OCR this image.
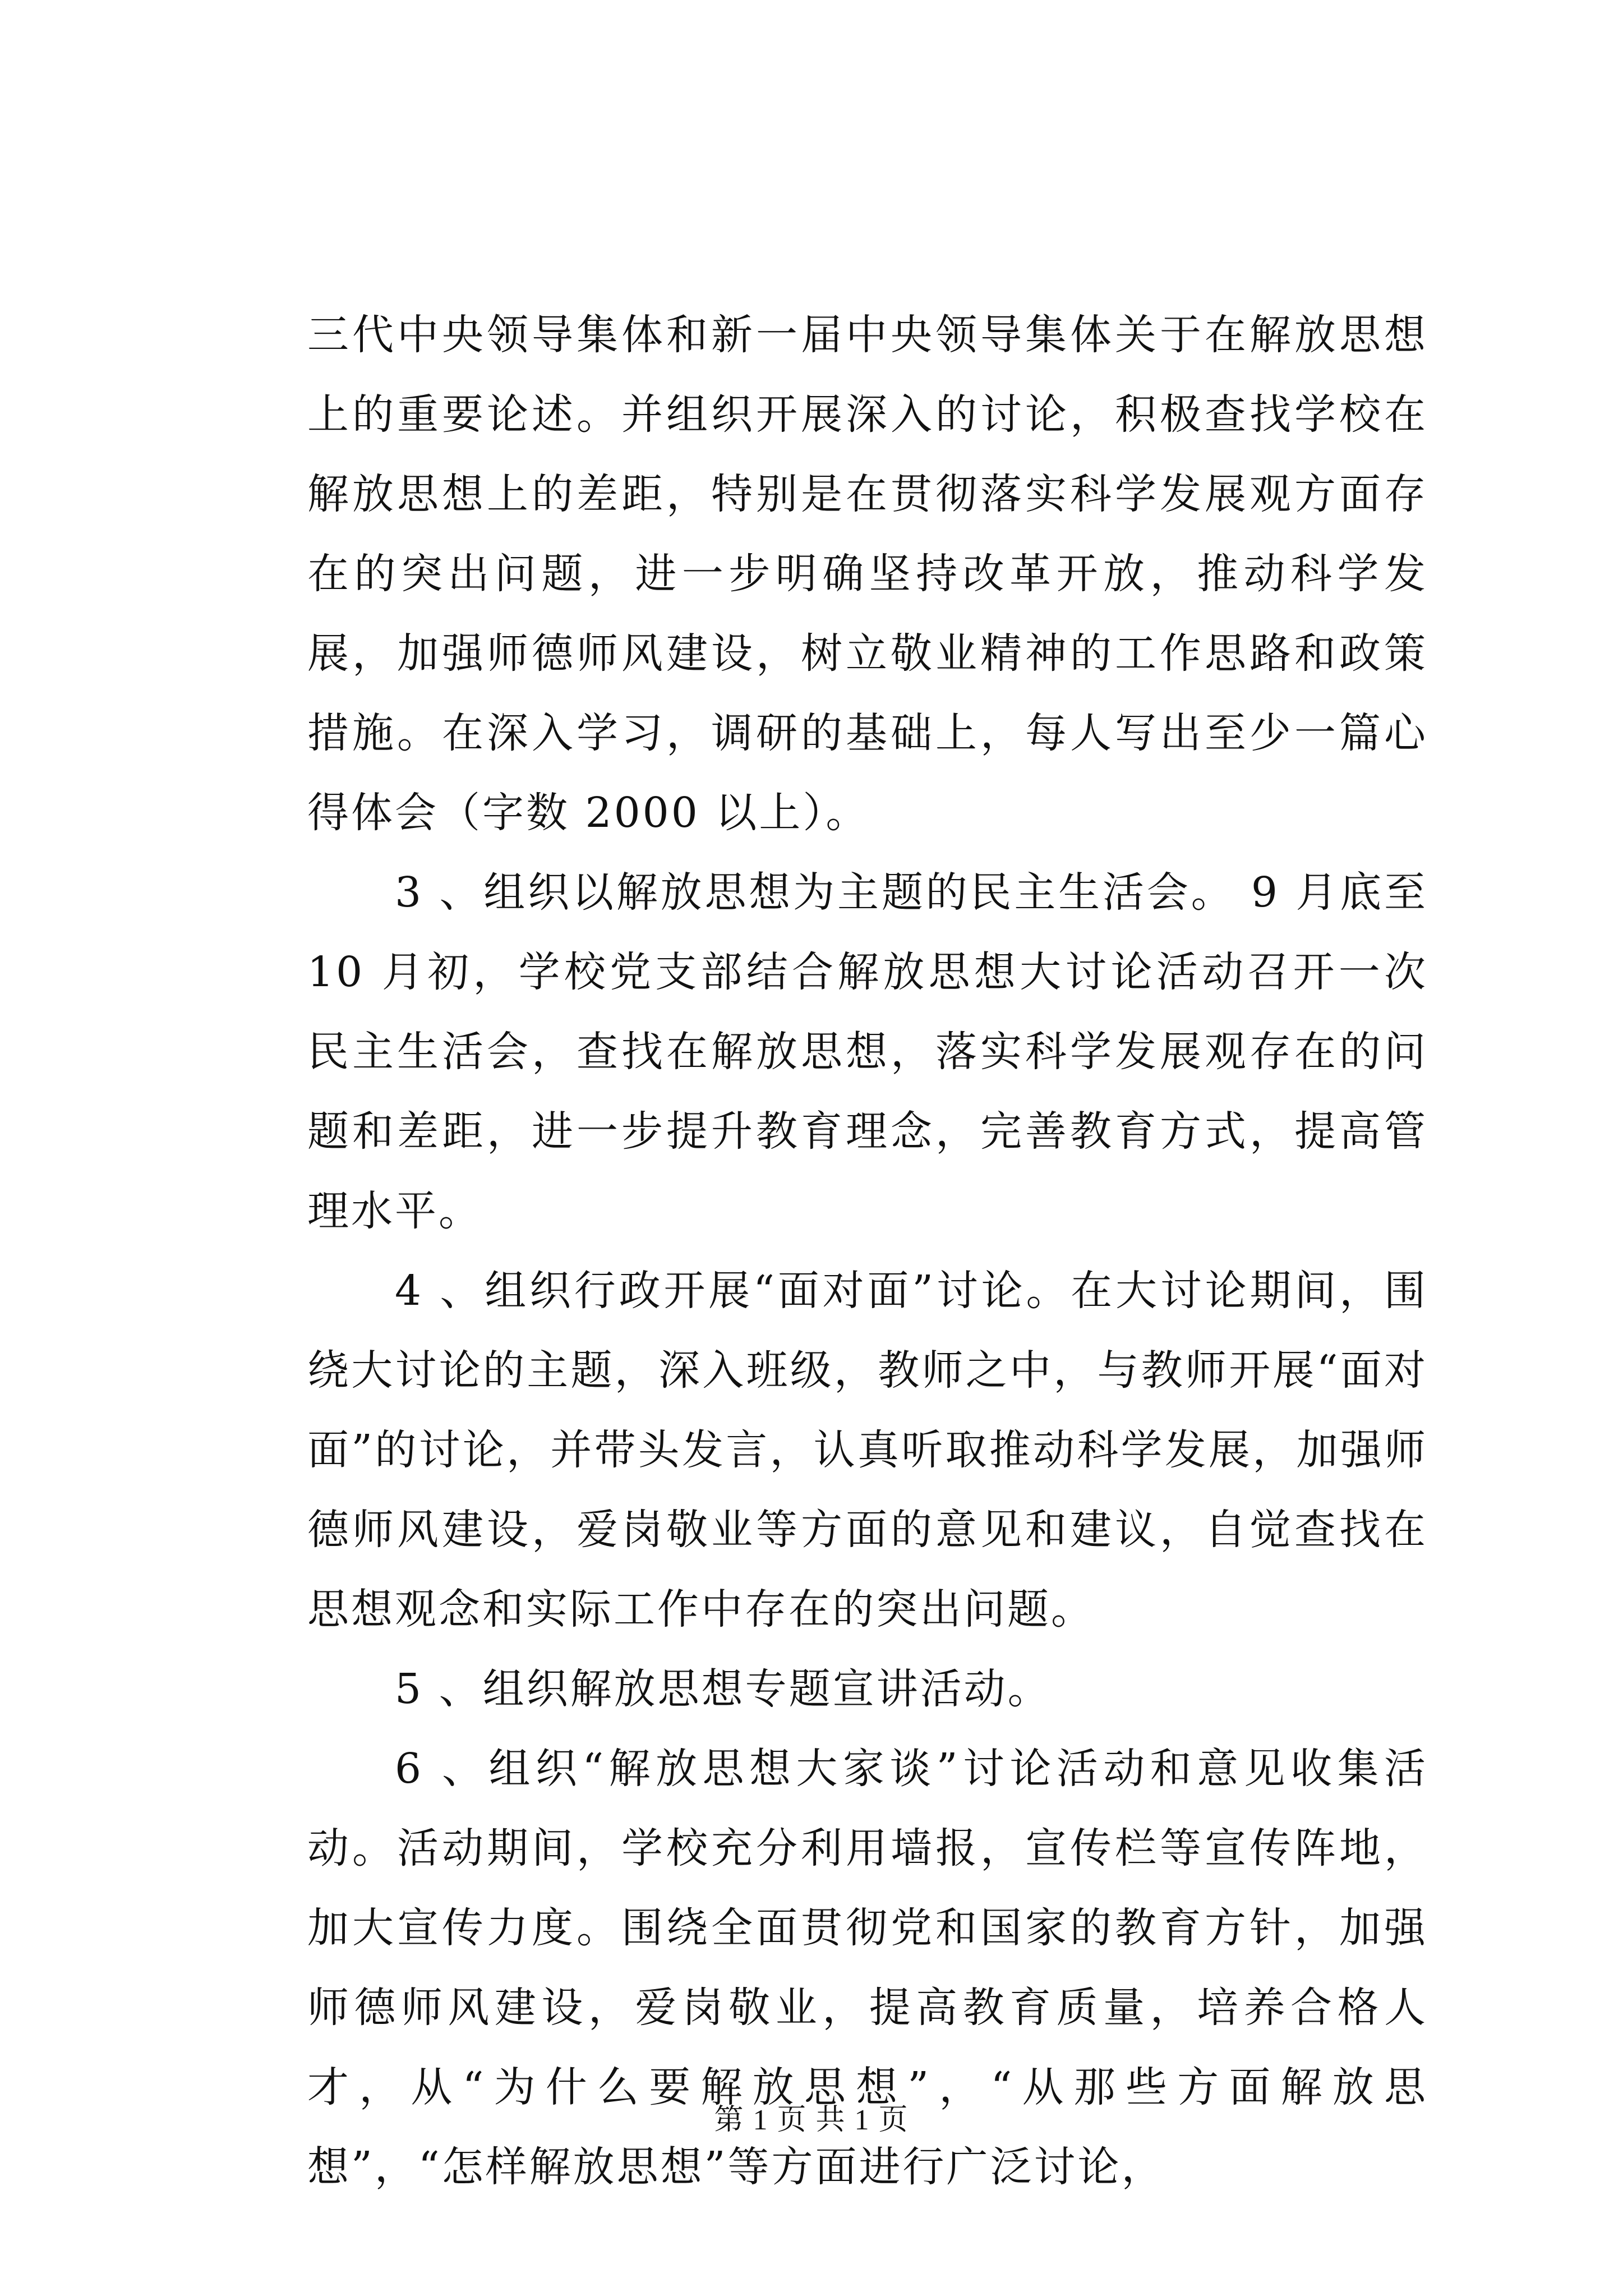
三代中央领导集体和新一届中央领导集体关于在解放思想上的重要论述。并组织开展深入的讨论，积极查找学校在解放思想上的差距，特别是在贯彻落实科学发展观方面存在的突出问题，进一步明确坚持改革开放，推动科学发展，加强师德师风建设，树立敬业精神的工作思路和政策措施。在深入学习，调研的基础上，每人写出至少一篇心得体会（字数 2000 以上）。

3 、组织以解放思想为主题的民主生活会。 9 月底至 10 月初，学校党支部结合解放思想大讨论活动召开一次民主生活会，查找在解放思想，落实科学发展观存在的问题和差距，进一步提升教育理念，完善教育方式，提高管理水平。

4 、组织行政开展“面对面”讨论。在大讨论期间，围绕大讨论的主题，深入班级，教师之中，与教师开展“面对面”的讨论，并带头发言，认真听取推动科学发展，加强师德师风建设，爱岗敬业等方面的意见和建议，自觉查找在思想观念和实际工作中存在的突出问题。

5 、组织解放思想专题宣讲活动。

6 、组织“解放思想大家谈”讨论活动和意见收集活动。活动期间，学校充分利用墙报，宣传栏等宣传阵地，加大宣传力度。围绕全面贯彻党和国家的教育方针，加强师德师风建设，爱岗敬业，提高教育质量，培养合格人才，从“为什么要解放思想”，“从那些方面解放思想”，“怎样解放思想”等方面进行广泛讨论，

第 1 页 共 1 页
